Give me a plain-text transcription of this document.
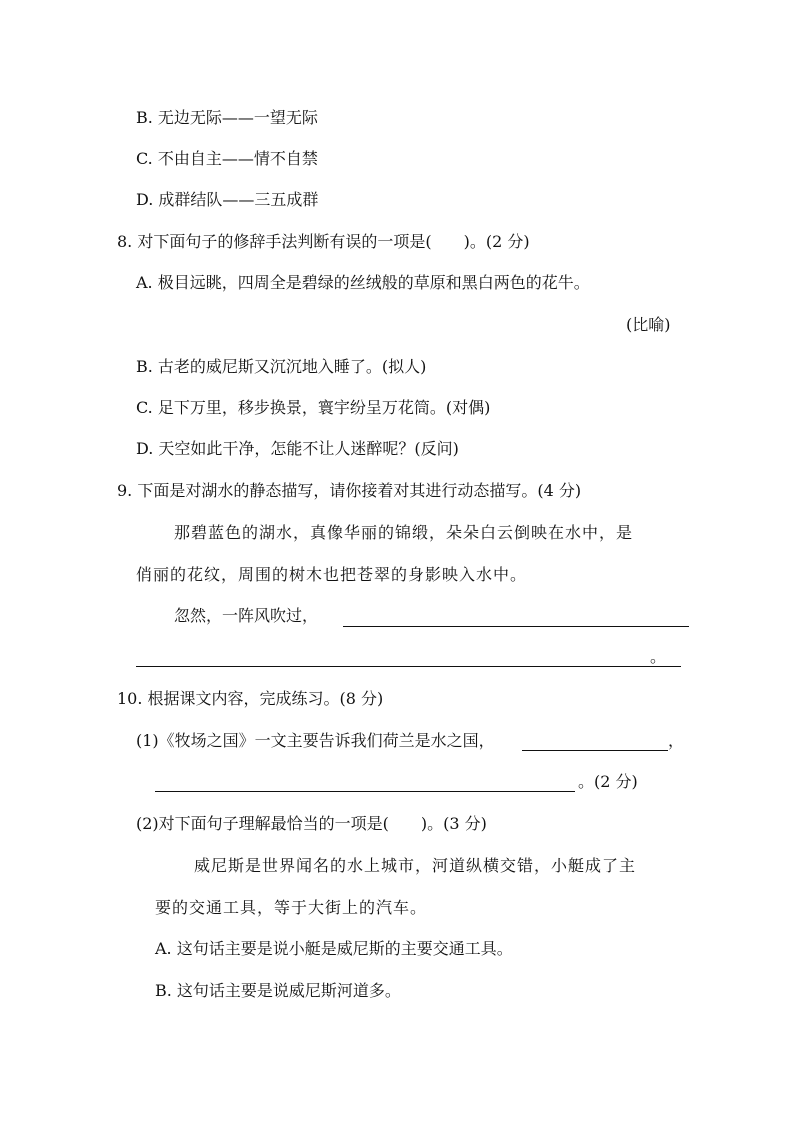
B. 无边无际——一望无际
C. 不由自主——情不自禁
D. 成群结队——三五成群
8. 对下面句子的修辞手法判断有误的一项是(　　)。(2 分)
A. 极目远眺，四周全是碧绿的丝绒般的草原和黑白两色的花牛。
(比喻)
B. 古老的威尼斯又沉沉地入睡了。(拟人)
C. 足下万里，移步换景，寰宇纷呈万花筒。(对偶)
D. 天空如此干净，怎能不让人迷醉呢？(反问)
9. 下面是对湖水的静态描写，请你接着对其进行动态描写。(4 分)
那碧蓝色的湖水，真像华丽的锦缎，朵朵白云倒映在水中，是
俏丽的花纹，周围的树木也把苍翠的身影映入水中。
忽然，一阵风吹过，
。
10. 根据课文内容，完成练习。(8 分)
(1)《牧场之国》一文主要告诉我们荷兰是水之国，	，
。(2 分)
(2)对下面句子理解最恰当的一项是(　　)。(3 分)
威尼斯是世界闻名的水上城市，河道纵横交错，小艇成了主
要的交通工具，等于大街上的汽车。
A. 这句话主要是说小艇是威尼斯的主要交通工具。
B. 这句话主要是说威尼斯河道多。
